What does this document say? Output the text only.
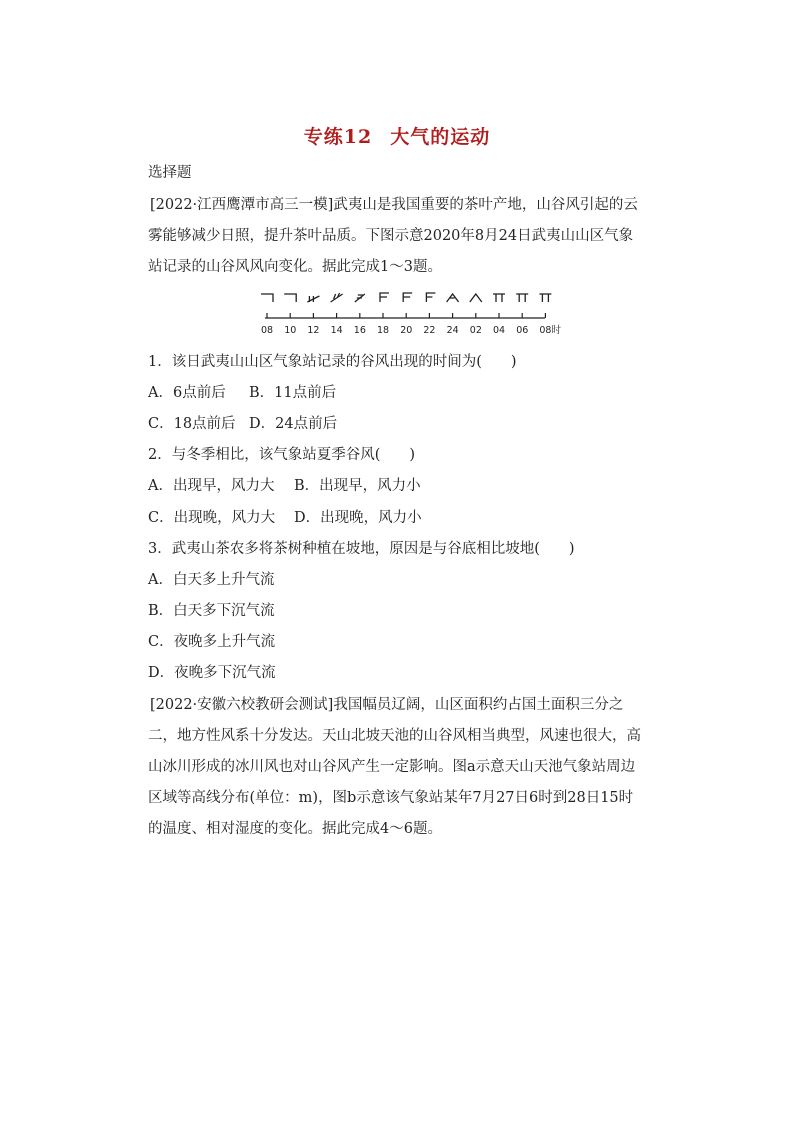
专练12 大气的运动
选择题
[2022·江西鹰潭市高三一模]武夷山是我国重要的茶叶产地，山谷风引起的云雾能够减少日照，提升茶叶品质。下图示意2020年8月24日武夷山山区气象站记录的山谷风风向变化。据此完成1～3题。
08 10 12 14 16 18 20 22 24 02 04 06 08时
1．该日武夷山山区气象站记录的谷风出现的时间为(　　)
A．6点前后 B．11点前后
C．18点前后 D．24点前后
2．与冬季相比，该气象站夏季谷风(　　)
A．出现早，风力大 B．出现早，风力小
C．出现晚，风力大 D．出现晚，风力小
3．武夷山茶农多将茶树种植在坡地，原因是与谷底相比坡地(　　)
A．白天多上升气流
B．白天多下沉气流
C．夜晚多上升气流
D．夜晚多下沉气流
[2022·安徽六校教研会测试]我国幅员辽阔，山区面积约占国土面积三分之二，地方性风系十分发达。天山北坡天池的山谷风相当典型，风速也很大，高山冰川形成的冰川风也对山谷风产生一定影响。图a示意天山天池气象站周边区域等高线分布(单位：m)，图b示意该气象站某年7月27日6时到28日15时的温度、相对湿度的变化。据此完成4～6题。
